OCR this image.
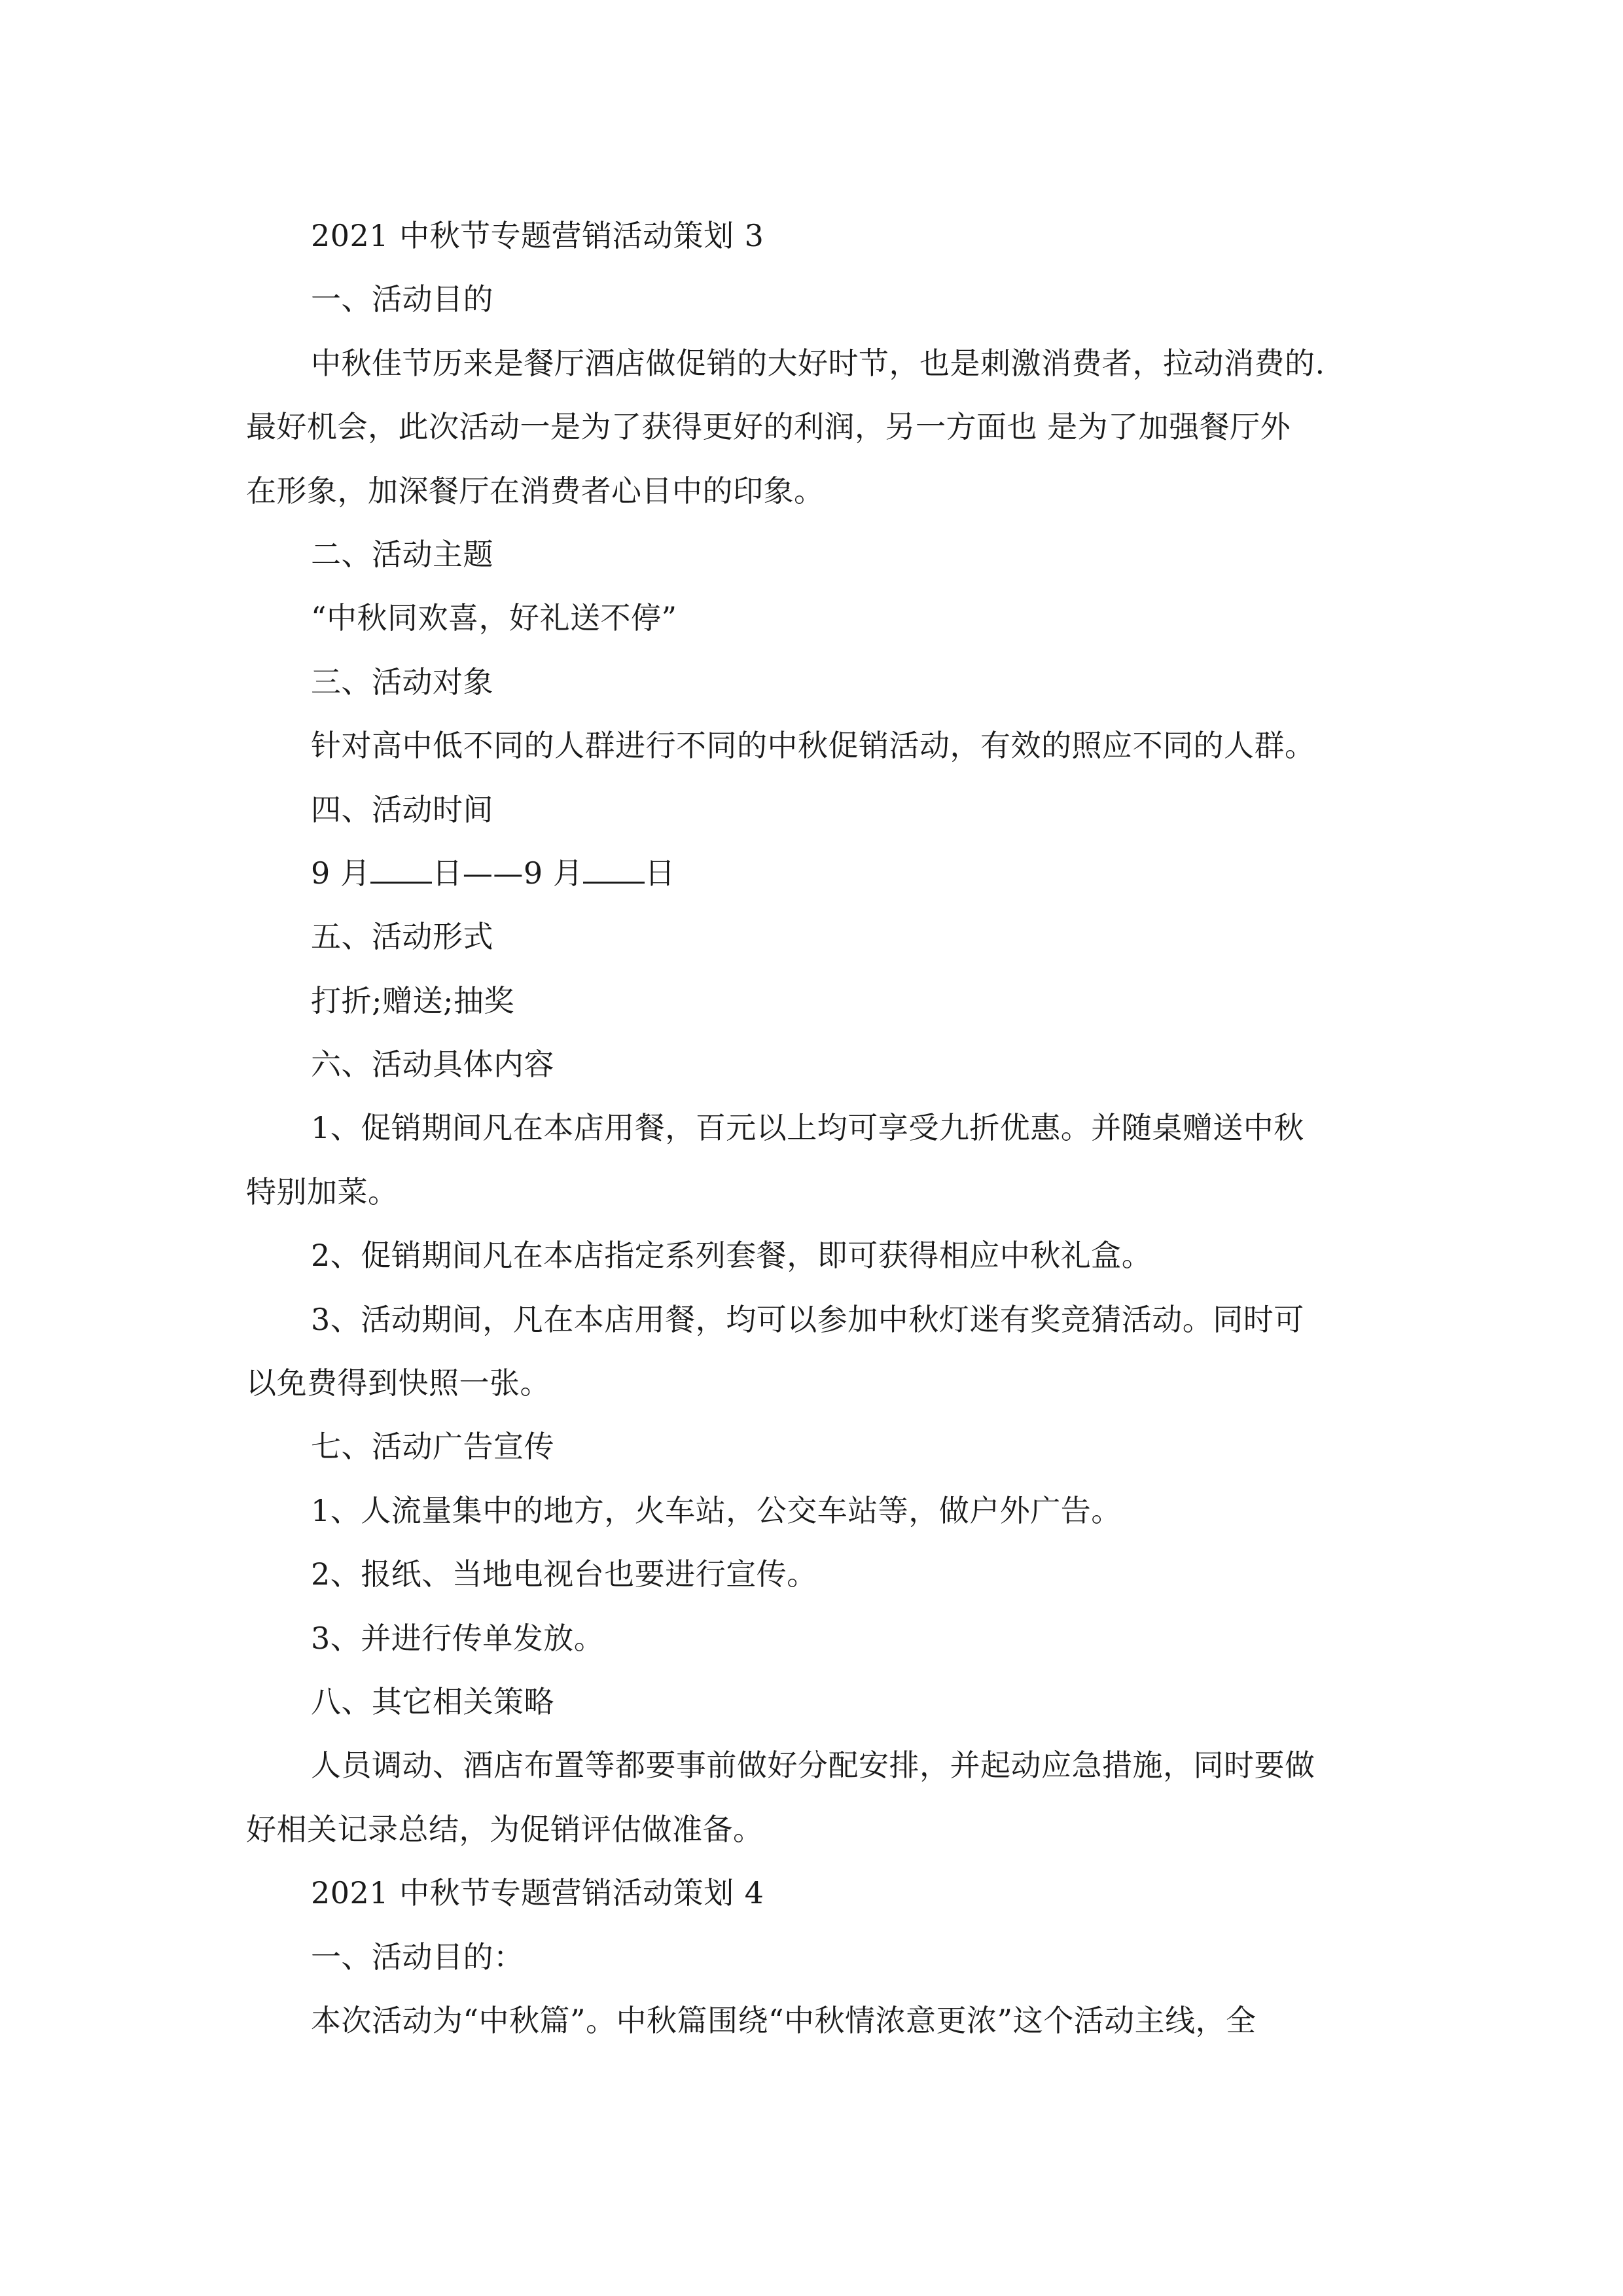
2021 中秋节专题营销活动策划 3
一、活动目的
中秋佳节历来是餐厅酒店做促销的大好时节，也是刺激消费者，拉动消费的.
最好机会，此次活动一是为了获得更好的利润，另一方面也 是为了加强餐厅外
在形象，加深餐厅在消费者心目中的印象。
二、活动主题
“中秋同欢喜，好礼送不停”
三、活动对象
针对高中低不同的人群进行不同的中秋促销活动，有效的照应不同的人群。
四、活动时间
9 月 日——9 月 日
五、活动形式
打折;赠送;抽奖
六、活动具体内容
1、促销期间凡在本店用餐，百元以上均可享受九折优惠。并随桌赠送中秋
特别加菜。
2、促销期间凡在本店指定系列套餐，即可获得相应中秋礼盒。
3、活动期间，凡在本店用餐，均可以参加中秋灯迷有奖竞猜活动。同时可
以免费得到快照一张。
七、活动广告宣传
1、人流量集中的地方，火车站，公交车站等，做户外广告。
2、报纸、当地电视台也要进行宣传。
3、并进行传单发放。
八、其它相关策略
人员调动、酒店布置等都要事前做好分配安排，并起动应急措施，同时要做
好相关记录总结，为促销评估做准备。
2021 中秋节专题营销活动策划 4
一、活动目的：
本次活动为“中秋篇”。中秋篇围绕“中秋情浓意更浓”这个活动主线，全
